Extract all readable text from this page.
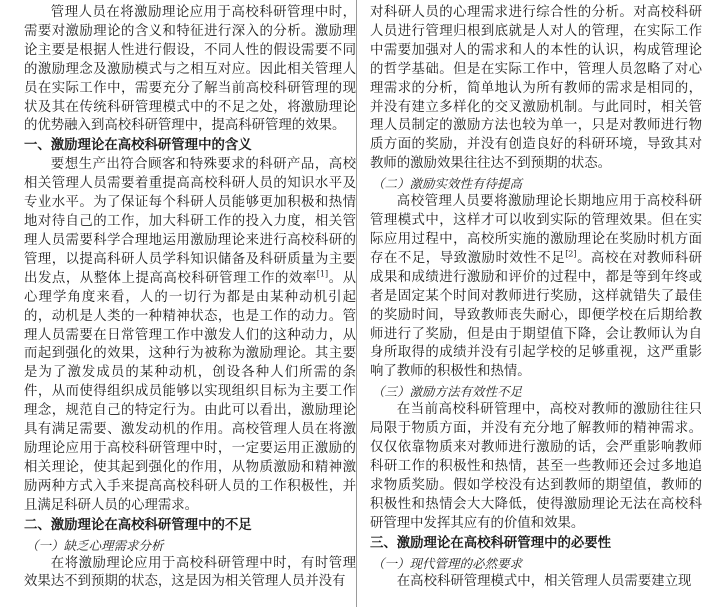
管理人员在将激励理论应用于高校科研管理中时，需要对激励理论的含义和特征进行深入的分析。激励理论主要是根据人性进行假设，不同人性的假设需要不同的激励理念及激励模式与之相互对应。因此相关管理人员在实际工作中，需要充分了解当前高校科研管理的现状及其在传统科研管理模式中的不足之处，将激励理论的优势融入到高校科研管理中，提高科研管理的效果。

一、激励理论在高校科研管理中的含义

要想生产出符合顾客和特殊要求的科研产品，高校相关管理人员需要着重提高高校科研人员的知识水平及专业水平。为了保证每个科研人员能够更加积极和热情地对待自己的工作，加大科研工作的投入力度，相关管理人员需要科学合理地运用激励理论来进行高校科研的管理，以提高科研人员学科知识储备及科研质量为主要出发点，从整体上提高高校科研管理工作的效率[1]。从心理学角度来看，人的一切行为都是由某种动机引起的，动机是人类的一种精神状态，也是工作的动力。管理人员需要在日常管理工作中激发人们的这种动力，从而起到强化的效果，这种行为被称为激励理论。其主要是为了激发成员的某种动机，创设各种人们所需的条件，从而使得组织成员能够以实现组织目标为主要工作理念，规范自己的特定行为。由此可以看出，激励理论具有满足需要、激发动机的作用。高校管理人员在将激励理论应用于高校科研管理中时，一定要运用正激励的相关理论，使其起到强化的作用，从物质激励和精神激励两种方式入手来提高高校科研人员的工作积极性，并且满足科研人员的心理需求。

二、激励理论在高校科研管理中的不足
（一）缺乏心理需求分析

在将激励理论应用于高校科研管理中时，有时管理效果达不到预期的状态，这是因为相关管理人员并没有

对科研人员的心理需求进行综合性的分析。对高校科研人员进行管理归根到底就是人对人的管理，在实际工作中需要加强对人的需求和人的本性的认识，构成管理论的哲学基础。但是在实际工作中，管理人员忽略了对心理需求的分析，简单地认为所有教师的需求是相同的，并没有建立多样化的交叉激励机制。与此同时，相关管理人员制定的激励方法也较为单一，只是对教师进行物质方面的奖励，并没有创造良好的科研环境，导致其对教师的激励效果往往达不到预期的状态。

（二）激励实效性有待提高

高校管理人员要将激励理论长期地应用于高校科研管理模式中，这样才可以收到实际的管理效果。但在实际应用过程中，高校所实施的激励理论在奖励时机方面存在不足，导致激励时效性不足[2]。高校在对教师科研成果和成绩进行激励和评价的过程中，都是等到年终或者是固定某个时间对教师进行奖励，这样就错失了最佳的奖励时间，导致教师丧失耐心，即便学校在后期给教师进行了奖励，但是由于期望值下降，会让教师认为自身所取得的成绩并没有引起学校的足够重视，这严重影响了教师的积极性和热情。

（三）激励方法有效性不足

在当前高校科研管理中，高校对教师的激励往往只局限于物质方面，并没有充分地了解教师的精神需求。仅仅依靠物质来对教师进行激励的话，会严重影响教师科研工作的积极性和热情，甚至一些教师还会过多地追求物质奖励。假如学校没有达到教师的期望值，教师的积极性和热情会大大降低，使得激励理论无法在高校科研管理中发挥其应有的价值和效果。

三、激励理论在高校科研管理中的必要性
（一）现代管理的必然要求

在高校科研管理模式中，相关管理人员需要建立现
